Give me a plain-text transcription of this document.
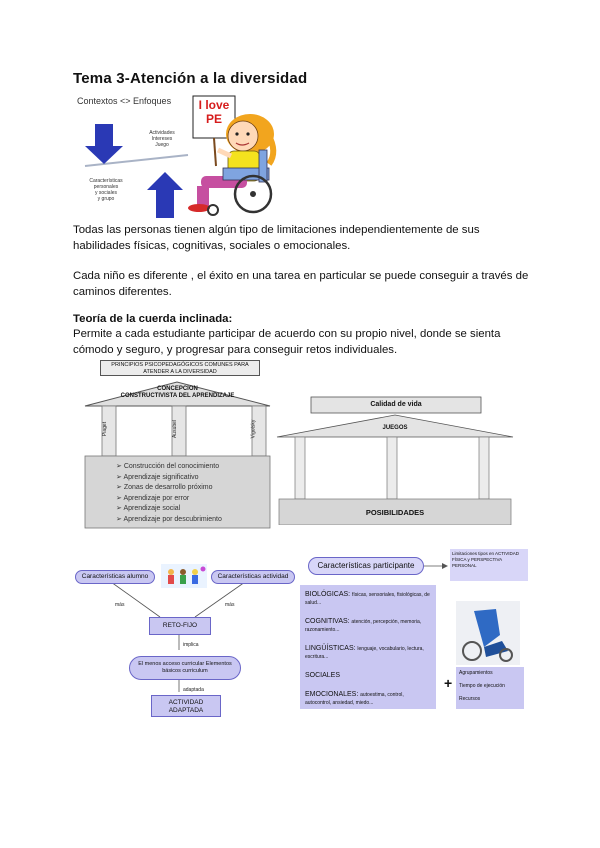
Tema 3-Atención a la diversidad
Contextos <> Enfoques	I love
PE
Actividades
Intereses
Juego
Características
personales
y sociales
y grupo

Todas las personas tienen algún tipo de limitaciones independientemente de sus habilidades físicas, cognitivas, sociales o emocionales.

Cada niño es diferente , el éxito en una tarea en particular se puede conseguir a través de caminos diferentes.

Teoría de la cuerda inclinada:

Permite a cada estudiante participar de acuerdo con su propio nivel, donde se sienta cómodo y seguro, y progresar para conseguir retos individuales.

PRINCIPIOS PSICOPEDAGÓGICOS COMUNES PARA ATENDER A LA DIVERSIDAD
CONCEPCION
CONSTRUCTIVISTA DEL APRENDIZAJE
Piaget	Ausubel	Vigotsky
➢ Construcción del conocimiento
➢ Aprendizaje significativo
➢ Zonas de desarrollo próximo
➢ Aprendizaje por error
➢ Aprendizaje social
➢ Aprendizaje por descubrimiento
Calidad de vida
JUEGOS
POSIBILIDADES
Características alumno	Características actividad
más	más
RETO-FIJO
implica
El menos acceso curricular Elementos básicos curriculum
adaptada
ACTIVIDAD ADAPTADA
Características participante
Limitaciones tipos en ACTIVIDAD FÍSICA y PERSPECTIVA PERSONAL
BIOLÓGICAS: físicas, sensoriales, fisiológicas, de salud...
COGNITIVAS: atención, percepción, memoria, razonamiento...
LINGÜÍSTICAS: lenguaje, vocabulario, lectura, escritura...
SOCIALES
EMOCIONALES: autoestima, control, autocontrol, ansiedad, miedo...
+
Agrupamientos
Tiempo de ejecución
Recursos
